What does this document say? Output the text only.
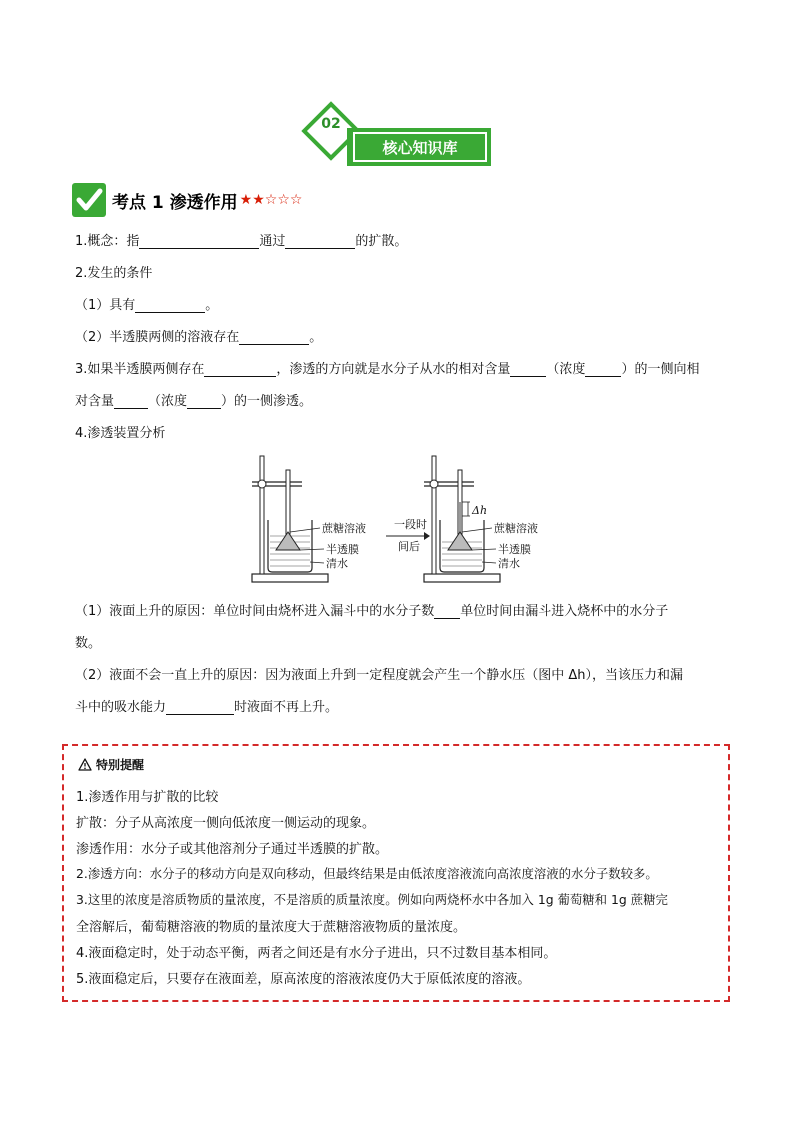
02
核心知识库
考点 1 渗透作用 ★★☆☆☆
1.概念：指	通过	的扩散。
2.发生的条件
（1）具有	。
（2）半透膜两侧的溶液存在	。
3.如果半透膜两侧存在	，渗透的方向就是水分子从水的相对含量	（浓度	）的一侧向相
对含量	（浓度	）的一侧渗透。
4.渗透装置分析
蔗糖溶液
半透膜
清水
一段时
间后
Δh
蔗糖溶液
半透膜
清水
（1）液面上升的原因：单位时间由烧杯进入漏斗中的水分子数 单位时间由漏斗进入烧杯中的水分子
数。
（2）液面不会一直上升的原因：因为液面上升到一定程度就会产生一个静水压（图中 Δh），当该压力和漏
斗中的吸水能力	时液面不再上升。
特别提醒
1.渗透作用与扩散的比较
扩散：分子从高浓度一侧向低浓度一侧运动的现象。
渗透作用：水分子或其他溶剂分子通过半透膜的扩散。
2.渗透方向：水分子的移动方向是双向移动，但最终结果是由低浓度溶液流向高浓度溶液的水分子数较多。
3.这里的浓度是溶质物质的量浓度，不是溶质的质量浓度。例如向两烧杯水中各加入 1g 葡萄糖和 1g 蔗糖完
全溶解后，葡萄糖溶液的物质的量浓度大于蔗糖溶液物质的量浓度。
4.液面稳定时，处于动态平衡，两者之间还是有水分子进出，只不过数目基本相同。
5.液面稳定后，只要存在液面差，原高浓度的溶液浓度仍大于原低浓度的溶液。
